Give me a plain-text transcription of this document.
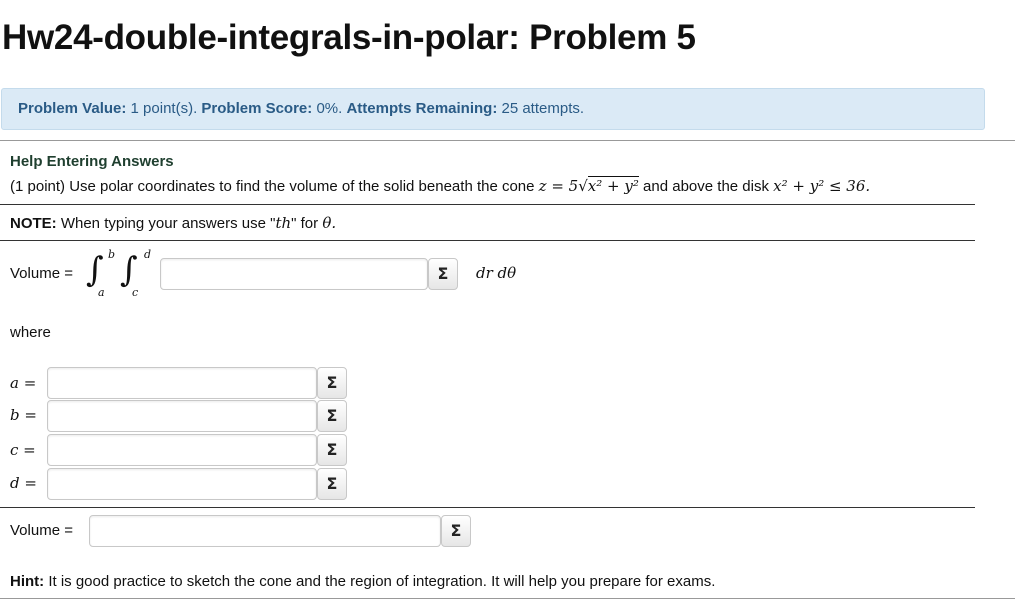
Hw24-double-integrals-in-polar: Problem 5
Problem Value: 1 point(s). Problem Score: 0%. Attempts Remaining: 25 attempts.
Help Entering Answers
(1 point) Use polar coordinates to find the volume of the solid beneath the cone z = 5√x² + y² and above the disk x² + y² ≤ 36.
NOTE: When typing your answers use "th" for θ.
Volume = ∫ b
a
∫ d
c
Σ	dr dθ
where
a =	Σ
b =	Σ
c =	Σ
d =	Σ
Volume =	Σ
Hint: It is good practice to sketch the cone and the region of integration. It will help you prepare for exams.
